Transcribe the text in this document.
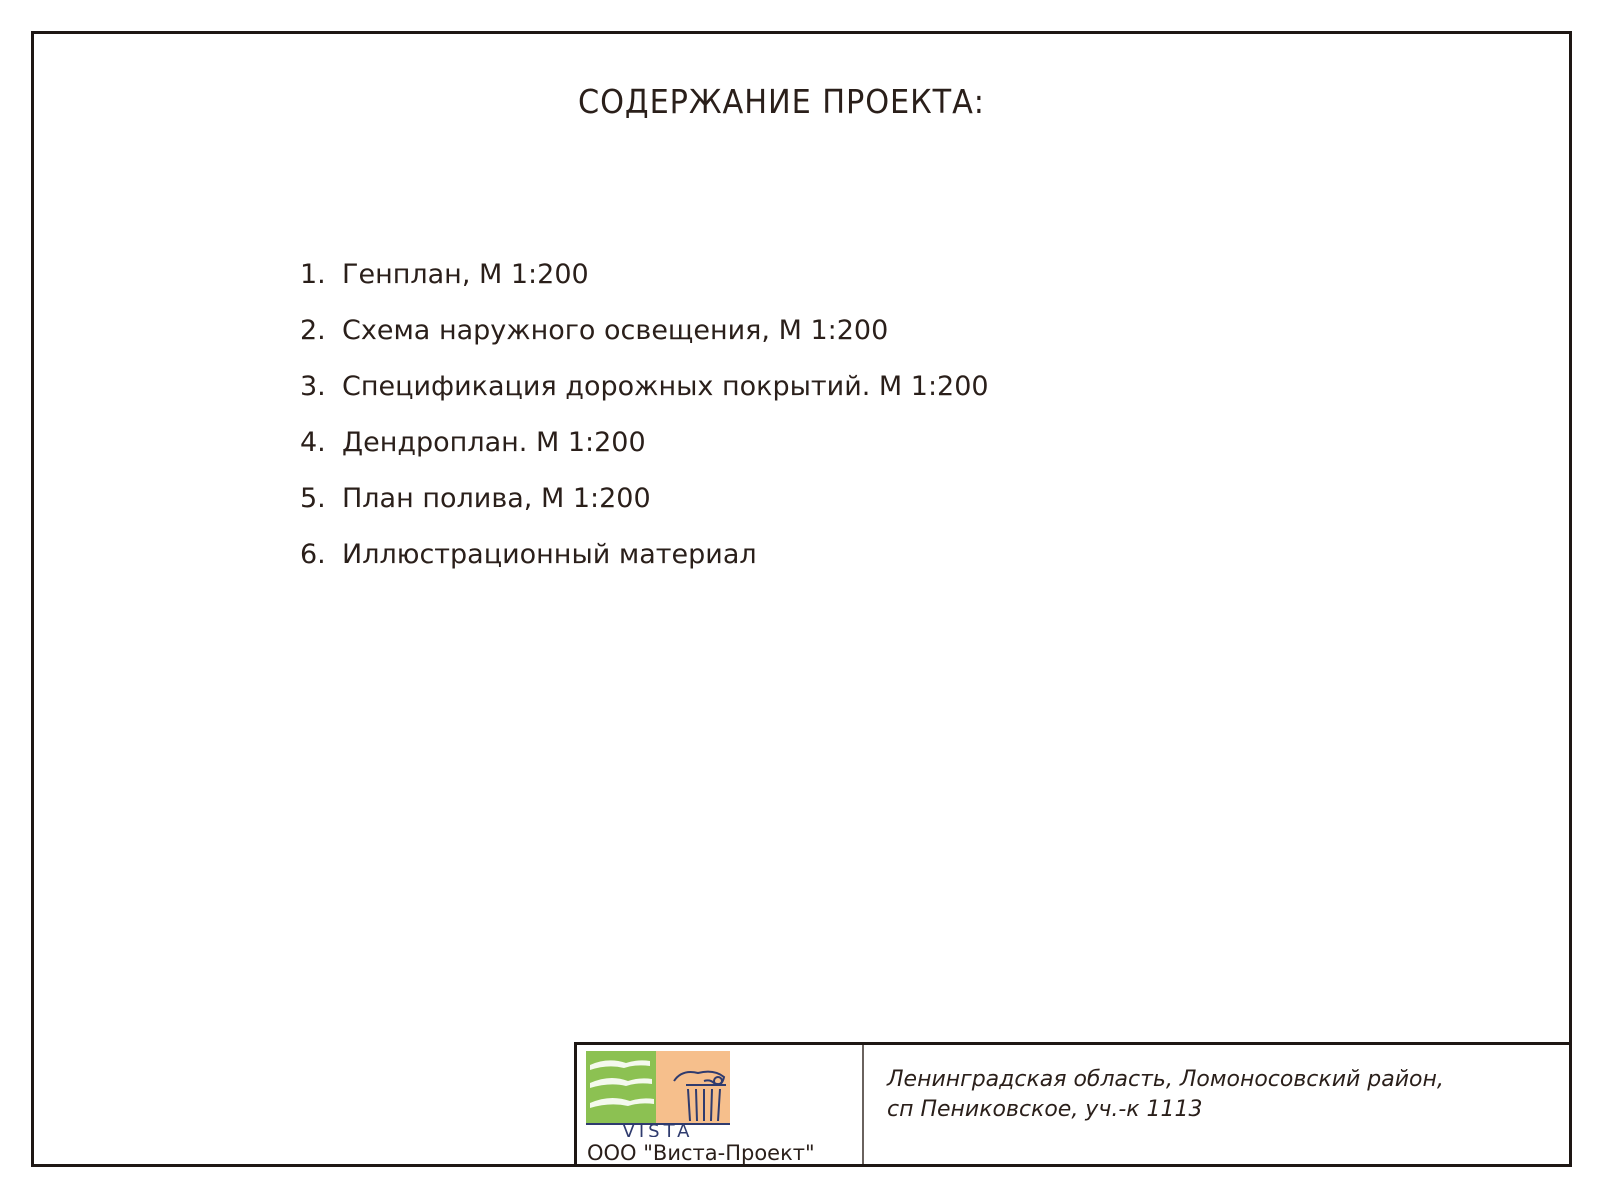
СОДЕРЖАНИЕ ПРОЕКТА:
1. Генплан, М 1:200
2. Схема наружного освещения, М 1:200
3. Спецификация дорожных покрытий. М 1:200
4. Дендроплан. М 1:200
5. План полива, М 1:200
6. Иллюстрационный материал
VISTA
ООО "Виста-Проект"
Ленинградская область, Ломоносовский район,
сп Пениковское, уч.-к 1113
